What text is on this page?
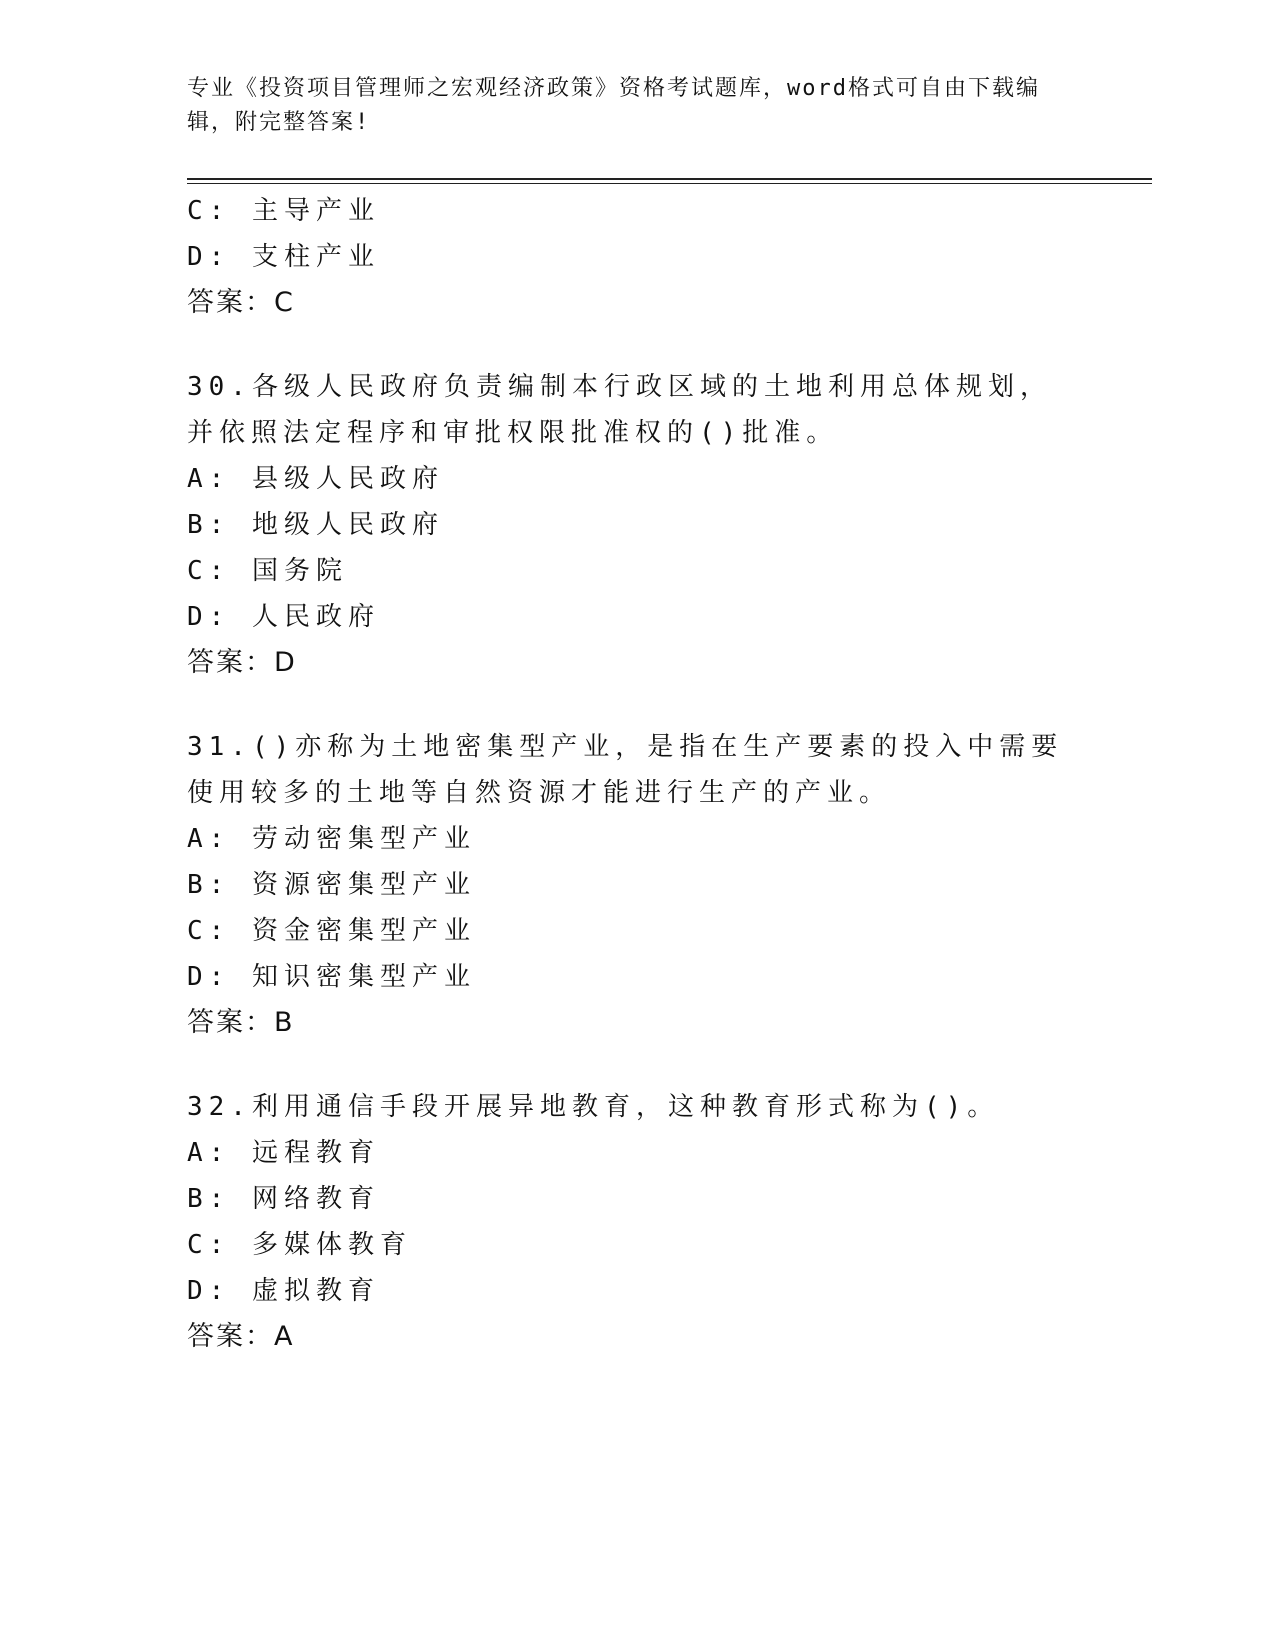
专业《投资项目管理师之宏观经济政策》资格考试题库，word格式可自由下载编辑，附完整答案!
C: 主导产业
D: 支柱产业
答案：C
30.各级人民政府负责编制本行政区域的土地利用总体规划，并依照法定程序和审批权限批准权的()批准。
A: 县级人民政府
B: 地级人民政府
C: 国务院
D: 人民政府
答案：D
31.()亦称为土地密集型产业，是指在生产要素的投入中需要使用较多的土地等自然资源才能进行生产的产业。
A: 劳动密集型产业
B: 资源密集型产业
C: 资金密集型产业
D: 知识密集型产业
答案：B
32.利用通信手段开展异地教育，这种教育形式称为()。
A: 远程教育
B: 网络教育
C: 多媒体教育
D: 虚拟教育
答案：A
